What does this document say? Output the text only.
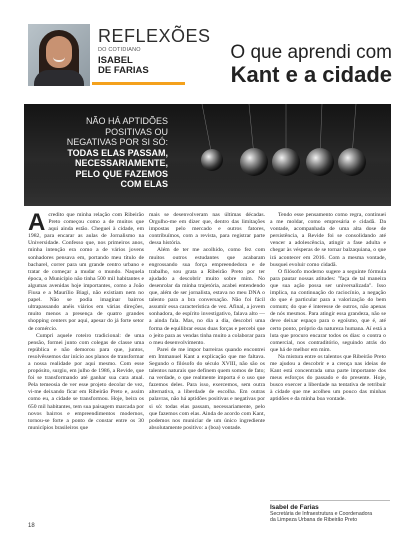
REFLEXÕES
DO COTIDIANO
ISABEL
DE FARIAS
O que aprendi com
Kant e a cidade
NÃO HÁ APTIDÕES
POSITIVAS OU
NEGATIVAS POR SI SÓ:
TODAS ELAS PASSAM,
NECESSARIAMENTE,
PELO QUE FAZEMOS
COM ELAS
A credito que minha relação com Ribeirão Preto começou como a de muitos que aqui ainda estão. Cheguei à cidade, em 1982, para encarar as aulas de Jornalismo na Universidade. Confesso que, nos primeiros anos, minha intenção era como a de vários jovens sonhadores pensava em, portando meu título de bacharel, correr para um grande centro urbano e tratar de começar a mudar o mundo. Naquela época, o Município não tinha 500 mil habitantes e algumas avenidas hoje importantes, como a João Fiusa e a Maurílio Biagi, não existiam nem no papel. Não se podia imaginar bairros ultrapassando anéis viários em várias direções, muito menos a presença de quatro grandes shopping centers por aqui, apesar do já forte setor de comércio.

Cumpri aquele roteiro tradicional: de uma pensão, formei junto com colegas de classe uma república e não demorou para que, juntos, resolvêssemos dar início aos planos de transformar a nossa realidade por aqui mesmo. Com esse propósito, surgiu, em julho de 1986, a Revide, que foi se transformando até ganhar sua cara atual. Pela temeosia de ver esse projeto decolar de vez, vi-me deixando ficar em Ribeirão Preto e, assim como eu, a cidade se transformou. Hoje, beira os 650 mil habitantes, tem sua paisagem marcada por novos bairros e empreendimentos modernos, tornou-se forte a ponto de constar entre os 30 municípios brasileiros que

mais se desenvolveram nas últimas décadas. Orgulho-me em dizer que, dentro das limitações impostas pelo mercado e outros fatores, contribuímos, com a revista, para registrar parte dessa história.

Além de ter me acolhido, como fez com muitos outros estudantes que acabaram engrossando sua força empreendedora e de trabalho, sou grata a Ribeirão Preto por ter ajudado a descobrir muito sobre mim. No desenrolar da minha trajetória, acabei entendendo que, além de ser jornalista, estava no meu DNA o talento para a bra conversação. Não foi fácil assumir essa característica de vez. Afinal, a jovem sonhadora, de espírito investigativo, falava alto — a ainda fala. Mas, no dia a dia, descobri uma forma de equilibrar essas duas forças e percebi que o jeito para as vendas tinha muito a colaborar para o meu desenvolvimento.

Parei de me impor barreiras quando encontrei em Immanuel Kant a explicação que me faltava. Segundo o filósofo do século XVIII, não são os talentos naturais que definem quem somos de fato; na verdade, o que realmente importa é o uso que fazemos deles. Para isso, exercemos, sem outra alternativa, a liberdade de escolha. Em outras palavras, não há aptidões positivas e negativas por si só: todas elas passam, necessariamente, pelo que fazemos com elas. Ainda de acordo com Kant, podemos nos municiar de um único ingrediente absolutamente positivo: a (boa) vontade.

Tendo esse pensamento como regra, continuei a me moldar, como empresária e cidadã. Da vontade, acompanhada de uma alta dose de persistência, a Revide foi se consolidando até vencer a adolescência, atingir a fase adulta e chegar às vésperas de se tornar balzaquiana, o que irá acontecer em 2016. Com a mesma vontade, busquei evoluir como cidadã.

O filósofo moderno sugere a seguinte fórmula para pautar nossas atitudes: "faça de tal maneira que sua ação possa ser universalizada". Isso implica, na continuação do raciocínio, a negação do que é particular para a valorização do bem comum; do que é interesse de outros, não apenas de nós mesmos. Para atingir essa grandeza, não se deve deixar espaço para o egoísmo, que é, até certo ponto, próprio da natureza humana. Aí está a luta que procuro encarar todos os dias: o contra o comercial, nos contraditório, seguindo atrás do que há de melhor em mim.

Na mistura entre os talentos que Ribeirão Preto me ajudou a descobrir e a crença nas ideias de Kant está concentrada uma parte importante dos meus esforços do passado e do presente. Hoje, busco exercer a liberdade na tentativa de retribuir à cidade que me acolheu um pouco das minhas aptidões e da minha boa vontade.

Isabel de Farias
Secretária de Infraestrutura e Coordenadora
da Limpeza Urbana de Ribeirão Preto
18
